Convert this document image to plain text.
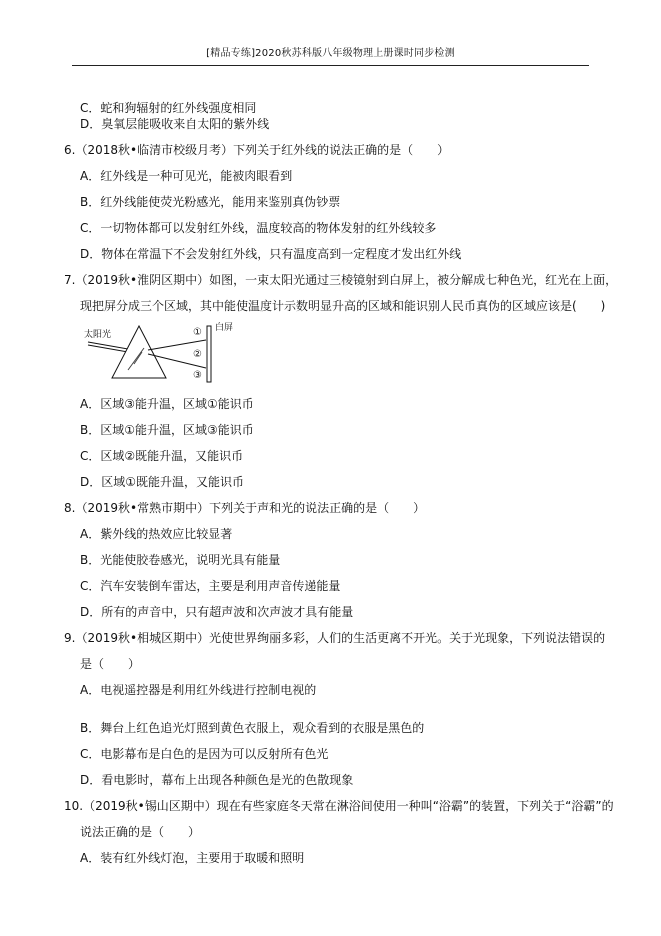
[精品专练]2020秋苏科版八年级物理上册课时同步检测
C．蛇和狗辐射的红外线强度相同
D．臭氧层能吸收来自太阳的紫外线
6.（2018秋•临清市校级月考）下列关于红外线的说法正确的是（　　）
A．红外线是一种可见光，能被肉眼看到
B．红外线能使荧光粉感光，能用来鉴别真伪钞票
C．一切物体都可以发射红外线，温度较高的物体发射的红外线较多
D．物体在常温下不会发射红外线，只有温度高到一定程度才发出红外线
7.（2019秋•淮阴区期中）如图，一束太阳光通过三棱镜射到白屏上，被分解成七种色光，红光在上面，
现把屏分成三个区域，其中能使温度计示数明显升高的区域和能识别人民币真伪的区域应该是(　　)
太阳光
白屏
①
②
③
A．区域③能升温，区域①能识币
B．区域①能升温，区域③能识币
C．区域②既能升温，又能识币
D．区域①既能升温，又能识币
8.（2019秋•常熟市期中）下列关于声和光的说法正确的是（　　）
A．紫外线的热效应比较显著
B．光能使胶卷感光，说明光具有能量
C．汽车安装倒车雷达，主要是利用声音传递能量
D．所有的声音中，只有超声波和次声波才具有能量
9.（2019秋•相城区期中）光使世界绚丽多彩，人们的生活更离不开光。关于光现象，下列说法错误的
是（　　）
A．电视遥控器是利用红外线进行控制电视的
B．舞台上红色追光灯照到黄色衣服上，观众看到的衣服是黑色的
C．电影幕布是白色的是因为可以反射所有色光
D．看电影时，幕布上出现各种颜色是光的色散现象
10.（2019秋•锡山区期中）现在有些家庭冬天常在淋浴间使用一种叫“浴霸”的装置，下列关于“浴霸”的
说法正确的是（　　）
A．装有红外线灯泡，主要用于取暖和照明
